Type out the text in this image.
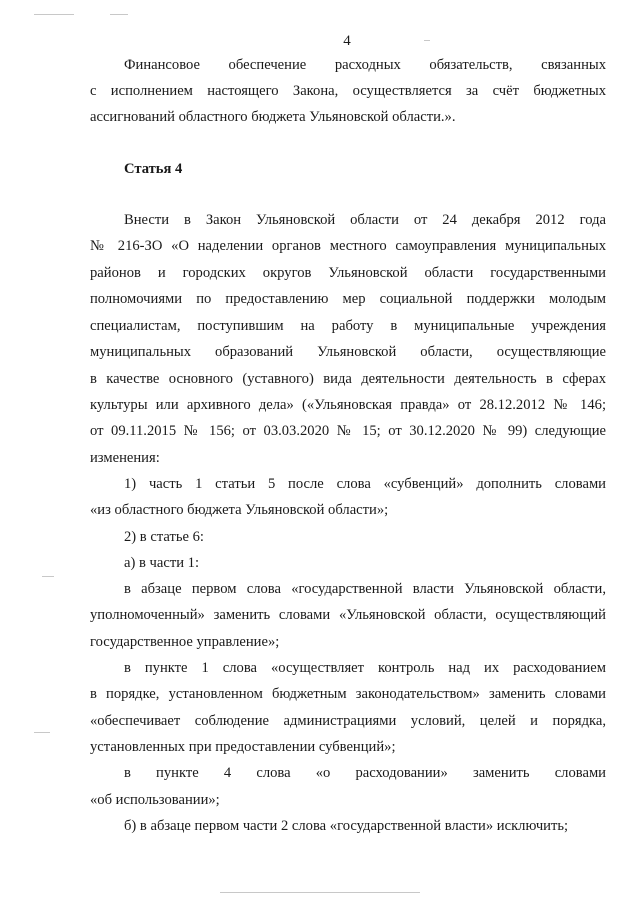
4
Финансовое обеспечение расходных обязательств, связанных
с исполнением настоящего Закона, осуществляется за счёт бюджетных
ассигнований областного бюджета Ульяновской области.».
Статья 4
Внести в Закон Ульяновской области от 24 декабря 2012 года
№ 216-ЗО «О наделении органов местного самоуправления муниципальных
районов и городских округов Ульяновской области государственными
полномочиями по предоставлению мер социальной поддержки молодым
специалистам, поступившим на работу в муниципальные учреждения
муниципальных образований Ульяновской области, осуществляющие
в качестве основного (уставного) вида деятельности деятельность в сферах
культуры или архивного дела» («Ульяновская правда» от 28.12.2012 № 146;
от 09.11.2015 № 156; от 03.03.2020 № 15; от 30.12.2020 № 99) следующие
изменения:
1) часть 1 статьи 5 после слова «субвенций» дополнить словами
«из областного бюджета Ульяновской области»;
2) в статье 6:
а) в части 1:
в абзаце первом слова «государственной власти Ульяновской области,
уполномоченный» заменить словами «Ульяновской области, осуществляющий
государственное управление»;
в пункте 1 слова «осуществляет контроль над их расходованием
в порядке, установленном бюджетным законодательством» заменить словами
«обеспечивает соблюдение администрациями условий, целей и порядка,
установленных при предоставлении субвенций»;
в пункте 4 слова «о расходовании» заменить словами
«об использовании»;
б) в абзаце первом части 2 слова «государственной власти» исключить;
